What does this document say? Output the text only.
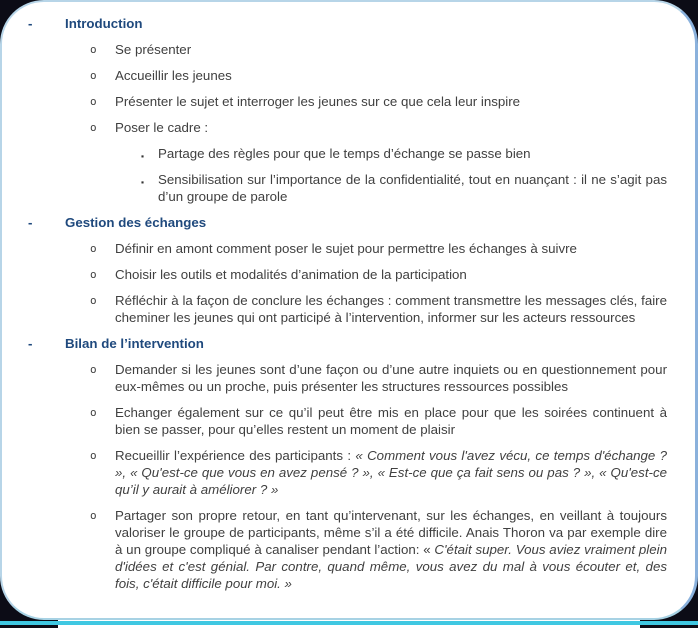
- Introduction
o Se présenter
o Accueillir les jeunes
o Présenter le sujet et interroger les jeunes sur ce que cela leur inspire
o Poser le cadre :
▪ Partage des règles pour que le temps d’échange se passe bien
▪ Sensibilisation sur l’importance de la confidentialité, tout en nuançant : il ne s’agit pas d’un groupe de parole
- Gestion des échanges
o Définir en amont comment poser le sujet pour permettre les échanges à suivre
o Choisir les outils et modalités d’animation de la participation
o Réfléchir à la façon de conclure les échanges : comment transmettre les messages clés, faire cheminer les jeunes qui ont participé à l’intervention, informer sur les acteurs ressources
- Bilan de l’intervention
o Demander si les jeunes sont d’une façon ou d’une autre inquiets ou en questionnement pour eux-mêmes ou un proche, puis présenter les structures ressources possibles
o Echanger également sur ce qu’il peut être mis en place pour que les soirées continuent à bien se passer, pour qu’elles restent un moment de plaisir
o Recueillir l’expérience des participants : « Comment vous l'avez vécu, ce temps d'échange ? », « Qu'est-ce que vous en avez pensé ? », « Est-ce que ça fait sens ou pas ? », « Qu'est-ce qu’il y aurait à améliorer ? »
o Partager son propre retour, en tant qu’intervenant, sur les échanges, en veillant à toujours valoriser le groupe de participants, même s’il a été difficile. Anais Thoron va par exemple dire à un groupe compliqué à canaliser pendant l’action: « C'était super. Vous aviez vraiment plein d'idées et c'est génial. Par contre, quand même, vous avez du mal à vous écouter et, des fois, c'était difficile pour moi. »
